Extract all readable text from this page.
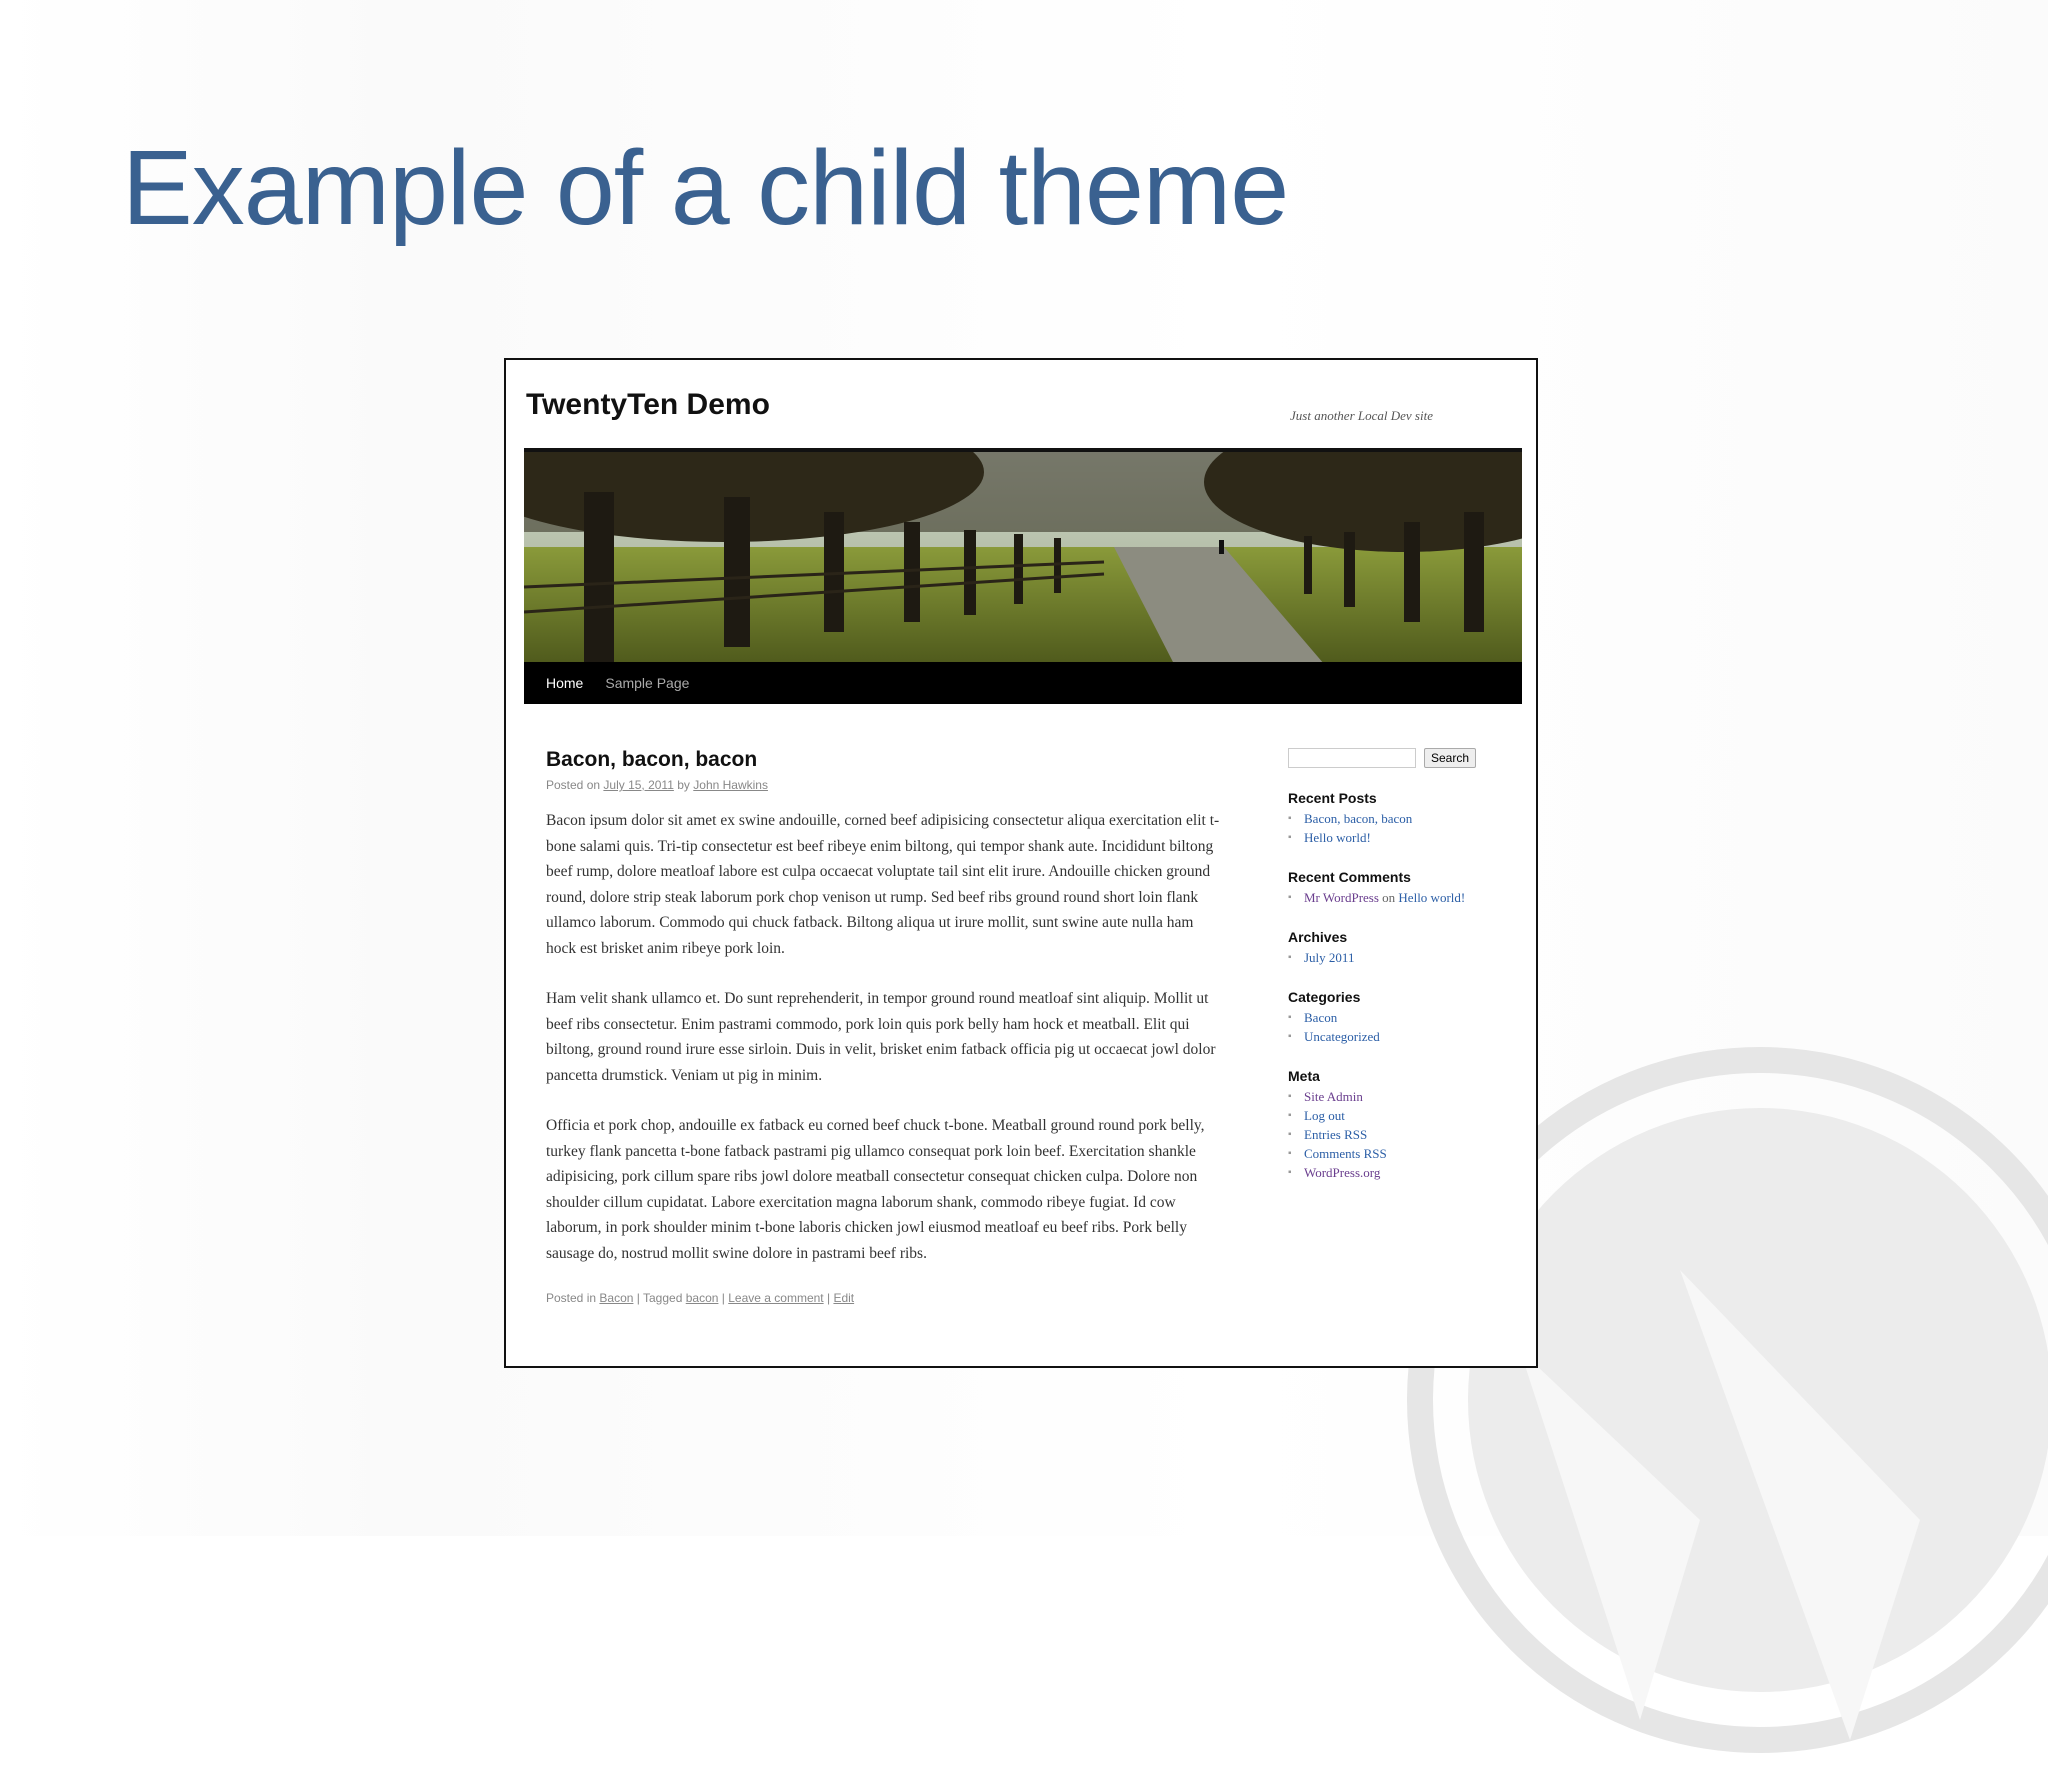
Example of a child theme
TwentyTen Demo	Just another Local Dev site
Home Sample Page
Bacon, bacon, bacon
Posted on July 15, 2011 by John Hawkins

Bacon ipsum dolor sit amet ex swine andouille, corned beef adipisicing consectetur aliqua exercitation elit t-bone salami quis. Tri-tip consectetur est beef ribeye enim biltong, qui tempor shank aute. Incididunt biltong beef rump, dolore meatloaf labore est culpa occaecat voluptate tail sint elit irure. Andouille chicken ground round, dolore strip steak laborum pork chop venison ut rump. Sed beef ribs ground round short loin flank ullamco laborum. Commodo qui chuck fatback. Biltong aliqua ut irure mollit, sunt swine aute nulla ham hock est brisket anim ribeye pork loin.

Ham velit shank ullamco et. Do sunt reprehenderit, in tempor ground round meatloaf sint aliquip. Mollit ut beef ribs consectetur. Enim pastrami commodo, pork loin quis pork belly ham hock et meatball. Elit qui biltong, ground round irure esse sirloin. Duis in velit, brisket enim fatback officia pig ut occaecat jowl dolor pancetta drumstick. Veniam ut pig in minim.

Officia et pork chop, andouille ex fatback eu corned beef chuck t-bone. Meatball ground round pork belly, turkey flank pancetta t-bone fatback pastrami pig ullamco consequat pork loin beef. Exercitation shankle adipisicing, pork cillum spare ribs jowl dolore meatball consectetur consequat chicken culpa. Dolore non shoulder cillum cupidatat. Labore exercitation magna laborum shank, commodo ribeye fugiat. Id cow laborum, in pork shoulder minim t-bone laboris chicken jowl eiusmod meatloaf eu beef ribs. Pork belly sausage do, nostrud mollit swine dolore in pastrami beef ribs.

Posted in Bacon | Tagged bacon | Leave a comment | Edit
Search
Recent Posts
▪ Bacon, bacon, bacon
▪ Hello world!
Recent Comments
▪ Mr WordPress on Hello world!
Archives
▪ July 2011
Categories
▪ Bacon
▪ Uncategorized
Meta
▪ Site Admin
▪ Log out
▪ Entries RSS
▪ Comments RSS
▪ WordPress.org
